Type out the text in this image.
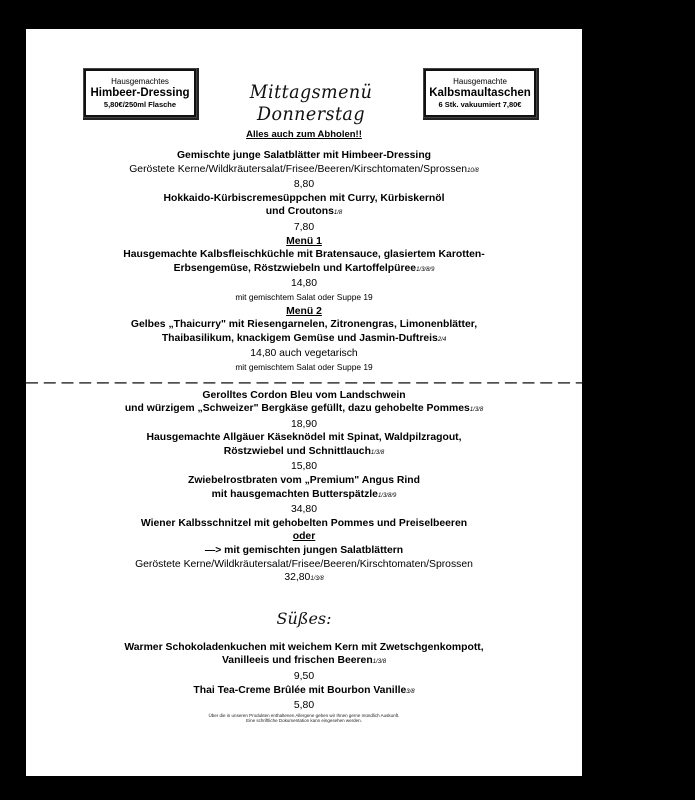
Hausgemachtes
Himbeer-Dressing
5,80€/250ml Flasche
Mittagsmenü Donnerstag
Hausgemachte
Kalbsmaultaschen
6 Stk. vakuumiert 7,80€
Alles auch zum Abholen!!
Gemischte junge Salatblätter mit Himbeer-Dressing
Geröstete Kerne/Wildkräutersalat/Frisee/Beeren/Kirschtomaten/Sprossen10/8
8,80
Hokkaido-Kürbiscremesüppchen mit Curry, Kürbiskernöl
und Croutons1/8
7,80
Menü 1
Hausgemachte Kalbsfleischküchle mit Bratensauce, glasiertem Karotten-
Erbsengemüse, Röstzwiebeln und Kartoffelpüree1/3/8/9
14,80
mit gemischtem Salat oder Suppe 19
Menü 2
Gelbes „Thaicurry" mit Riesengarnelen, Zitronengras, Limonenblätter,
Thaibasilikum, knackigem Gemüse und Jasmin-Duftreis2/4
14,80 auch vegetarisch
mit gemischtem Salat oder Suppe 19
— — — — — — — — — — — — — — — — — — — — — — — — — — — — — — — — — — — — — —
Gerolltes Cordon Bleu vom Landschwein
und würzigem „Schweizer" Bergkäse gefüllt, dazu gehobelte Pommes1/3/8
18,90
Hausgemachte Allgäuer Käseknödel mit Spinat, Waldpilzragout,
Röstzwiebel und Schnittlauch1/3/8
15,80
Zwiebelrostbraten vom „Premium" Angus Rind
mit hausgemachten Butterspätzle1/3/8/9
34,80
Wiener Kalbsschnitzel mit gehobelten Pommes und Preiselbeeren
oder
—> mit gemischten jungen Salatblättern
Geröstete Kerne/Wildkräutersalat/Frisee/Beeren/Kirschtomaten/Sprossen
32,801/3/8
Süßes:
Warmer Schokoladenkuchen mit weichem Kern mit Zwetschgenkompott,
Vanilleeis und frischen Beeren1/3/8
9,50
Thai Tea-Creme Brûlée mit Bourbon Vanille3/8
5,80
Über die in unseren Produkten enthaltenen Allergene geben wir Ihnen gerne mündlich Auskunft.
Eine schriftliche Dokumentation kann eingesehen werden.
